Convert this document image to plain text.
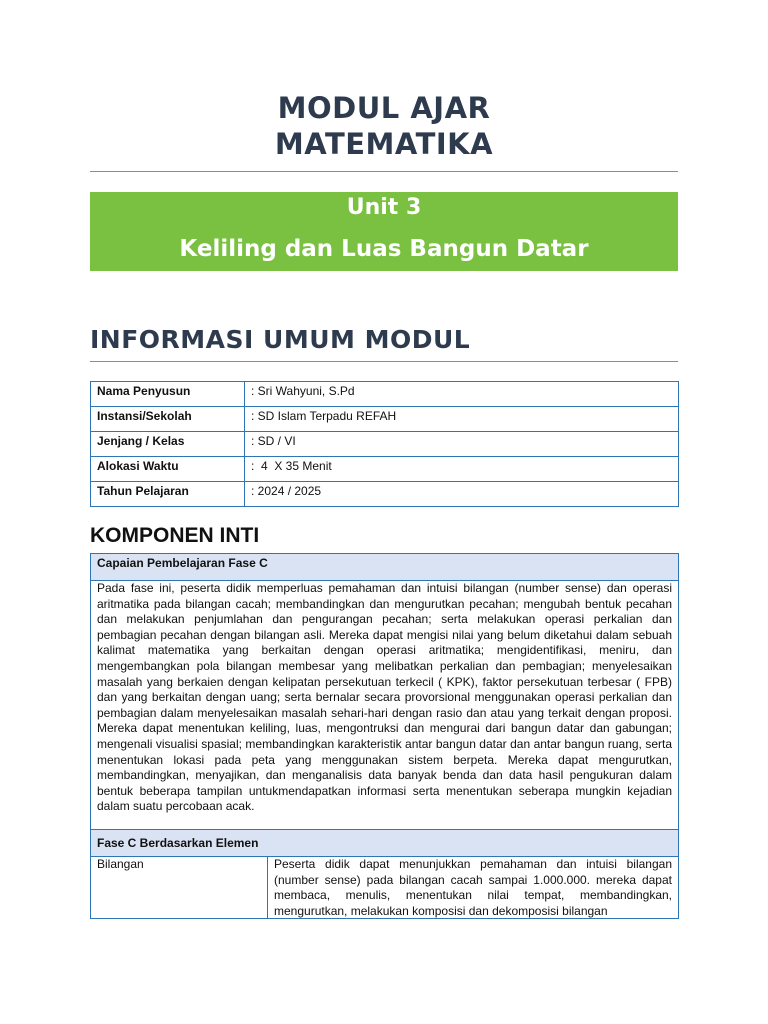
MODUL AJAR
MATEMATIKA
Unit 3
Keliling dan Luas Bangun Datar
INFORMASI UMUM MODUL
Nama Penyusun	: Sri Wahyuni, S.Pd
Instansi/Sekolah	: SD Islam Terpadu REFAH
Jenjang / Kelas	: SD / VI
Alokasi Waktu	:  4  X 35 Menit
Tahun Pelajaran	: 2024 / 2025
KOMPONEN INTI
Capaian Pembelajaran Fase C

Pada fase ini, peserta didik memperluas pemahaman dan intuisi bilangan (number sense) dan operasi aritmatika pada bilangan cacah; membandingkan dan mengurutkan pecahan; mengubah bentuk pecahan dan melakukan penjumlahan dan pengurangan pecahan; serta melakukan operasi perkalian dan pembagian pecahan dengan bilangan asli. Mereka dapat mengisi nilai yang belum diketahui dalam sebuah kalimat matematika yang berkaitan dengan operasi aritmatika; mengidentifikasi, meniru, dan mengembangkan pola bilangan membesar yang melibatkan perkalian dan pembagian; menyelesaikan masalah yang berkaien dengan kelipatan persekutuan terkecil ( KPK), faktor persekutuan terbesar ( FPB) dan yang berkaitan dengan uang; serta bernalar secara provorsional menggunakan operasi perkalian dan pembagian dalam menyelesaikan masalah sehari-hari dengan rasio dan atau yang terkait dengan proposi. Mereka dapat menentukan keliling, luas, mengontruksi dan mengurai dari bangun datar dan gabungan; mengenali visualisi spasial; membandingkan karakteristik antar bangun datar dan antar bangun ruang, serta menentukan lokasi pada peta yang menggunakan sistem berpeta. Mereka dapat mengurutkan, membandingkan, menyajikan, dan menganalisis data banyak benda dan data hasil pengukuran dalam bentuk beberapa tampilan untukmendapatkan informasi serta menentukan seberapa mungkin kejadian dalam suatu percobaan acak.

Fase C Berdasarkan Elemen
Bilangan	Peserta didik dapat menunjukkan pemahaman dan intuisi bilangan (number sense) pada bilangan cacah sampai 1.000.000. mereka dapat membaca, menulis, menentukan nilai tempat, membandingkan, mengurutkan, melakukan komposisi dan dekomposisi bilangan
